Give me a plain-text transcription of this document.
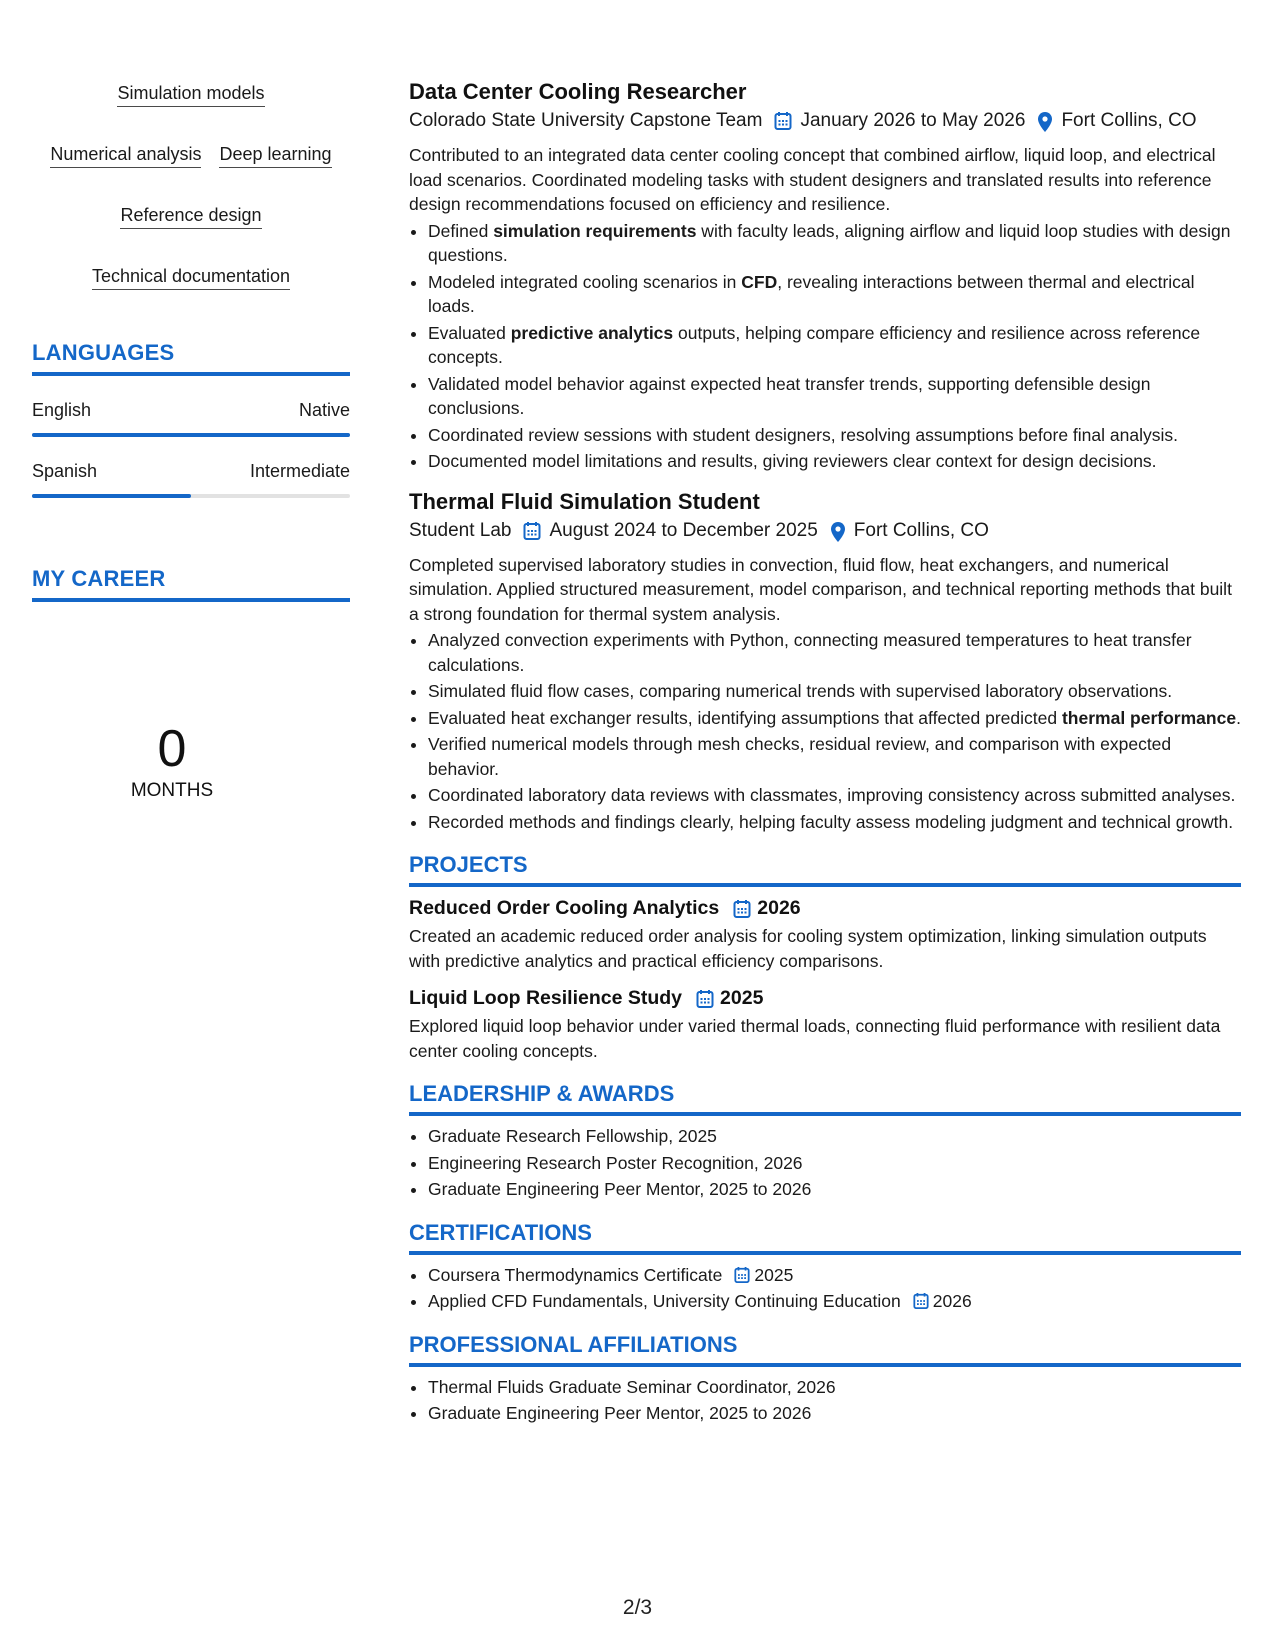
Simulation models
Numerical analysis Deep learning
Reference design
Technical documentation
LANGUAGES
English	Native
Spanish	Intermediate
MY CAREER
0
MONTHS
Data Center Cooling Researcher
Colorado State University Capstone Team January 2026 to May 2026 Fort Collins, CO
Contributed to an integrated data center cooling concept that combined airflow, liquid loop, and electrical load scenarios. Coordinated modeling tasks with student designers and translated results into reference design recommendations focused on efficiency and resilience.
• Defined simulation requirements with faculty leads, aligning airflow and liquid loop studies with design questions.
• Modeled integrated cooling scenarios in CFD, revealing interactions between thermal and electrical loads.
• Evaluated predictive analytics outputs, helping compare efficiency and resilience across reference concepts.
• Validated model behavior against expected heat transfer trends, supporting defensible design conclusions.
• Coordinated review sessions with student designers, resolving assumptions before final analysis.
• Documented model limitations and results, giving reviewers clear context for design decisions.
Thermal Fluid Simulation Student
Student Lab August 2024 to December 2025 Fort Collins, CO
Completed supervised laboratory studies in convection, fluid flow, heat exchangers, and numerical simulation. Applied structured measurement, model comparison, and technical reporting methods that built a strong foundation for thermal system analysis.
• Analyzed convection experiments with Python, connecting measured temperatures to heat transfer calculations.
• Simulated fluid flow cases, comparing numerical trends with supervised laboratory observations.
• Evaluated heat exchanger results, identifying assumptions that affected predicted thermal performance.
• Verified numerical models through mesh checks, residual review, and comparison with expected behavior.
• Coordinated laboratory data reviews with classmates, improving consistency across submitted analyses.
• Recorded methods and findings clearly, helping faculty assess modeling judgment and technical growth.
PROJECTS
Reduced Order Cooling Analytics 2026
Created an academic reduced order analysis for cooling system optimization, linking simulation outputs with predictive analytics and practical efficiency comparisons.
Liquid Loop Resilience Study 2025
Explored liquid loop behavior under varied thermal loads, connecting fluid performance with resilient data center cooling concepts.
LEADERSHIP & AWARDS
• Graduate Research Fellowship, 2025
• Engineering Research Poster Recognition, 2026
• Graduate Engineering Peer Mentor, 2025 to 2026
CERTIFICATIONS
• Coursera Thermodynamics Certificate 2025
• Applied CFD Fundamentals, University Continuing Education 2026
PROFESSIONAL AFFILIATIONS
• Thermal Fluids Graduate Seminar Coordinator, 2026
• Graduate Engineering Peer Mentor, 2025 to 2026
2/3
